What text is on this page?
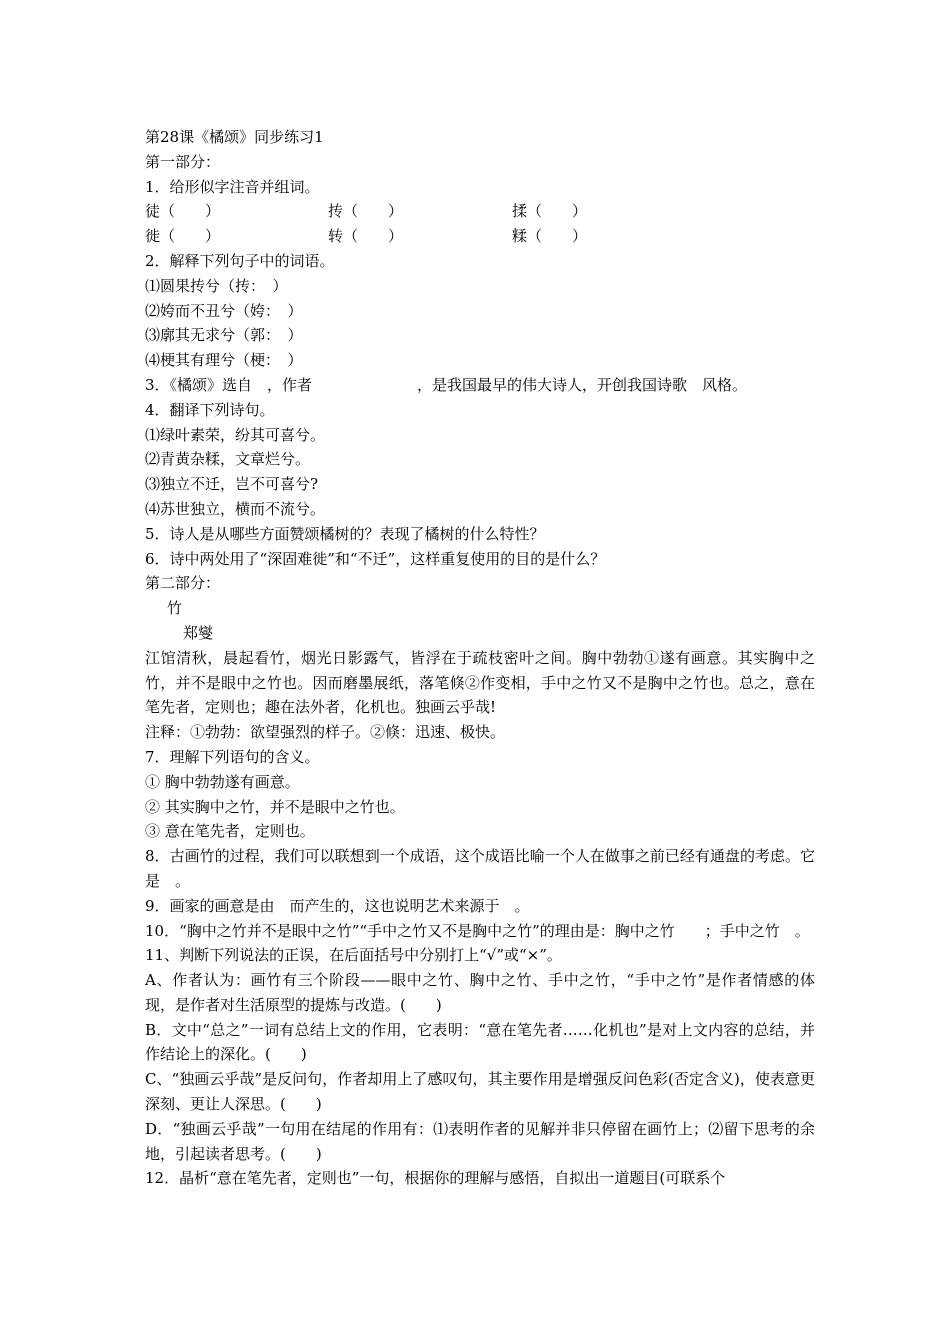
第28课《橘颂》同步练习1
第一部分：
1．给形似字注音并组词。
徒（　　）	抟（　　）	揉（　　）
徙（　　）	转（　　）	糅（　　）
2．解释下列句子中的词语。
⑴圆果抟兮（抟：　）
⑵姱而不丑兮（姱：　）
⑶廓其无求兮（郭：　）
⑷梗其有理兮（梗：　）
3．《橘颂》选自　，作者　　　　　　　，是我国最早的伟大诗人，开创我国诗歌　风格。
4．翻译下列诗句。
⑴绿叶素荣，纷其可喜兮。
⑵青黄杂糅，文章烂兮。
⑶独立不迁，岂不可喜兮?
⑷苏世独立，横而不流兮。
5．诗人是从哪些方面赞颂橘树的？表现了橘树的什么特性？
6．诗中两处用了“深固难徙”和“不迁”，这样重复使用的目的是什么？
第二部分：
竹
郑燮
江馆清秋，晨起看竹，烟光日影露气，皆浮在于疏枝密叶之间。胸中勃勃①遂有画意。其实胸中之竹，并不是眼中之竹也。因而磨墨展纸，落笔倏②作变相，手中之竹又不是胸中之竹也。总之，意在笔先者，定则也；趣在法外者，化机也。独画云乎哉!
注释：①勃勃：欲望强烈的样子。②倏：迅速、极快。
7．理解下列语句的含义。
① 胸中勃勃遂有画意。
② 其实胸中之竹，并不是眼中之竹也。
③ 意在笔先者，定则也。
8．古画竹的过程，我们可以联想到一个成语，这个成语比喻一个人在做事之前已经有通盘的考虑。它是　。
9．画家的画意是由　而产生的，这也说明艺术来源于　。
10．“胸中之竹并不是眼中之竹”“手中之竹又不是胸中之竹”的理由是：胸中之竹　　；手中之竹　。
11、判断下列说法的正误，在后面括号中分别打上“√”或“×”。
A、作者认为：画竹有三个阶段——眼中之竹、胸中之竹、手中之竹，“手中之竹”是作者情感的体现，是作者对生活原型的提炼与改造。(　　)
B．文中“总之”一词有总结上文的作用，它表明：“意在笔先者……化机也”是对上文内容的总结，并作结论上的深化。(　　)
C、“独画云乎哉”是反问句，作者却用上了感叹句，其主要作用是增强反问色彩(否定含义)，使表意更深刻、更让人深思。(　　)
D．“独画云乎哉”一句用在结尾的作用有：⑴表明作者的见解并非只停留在画竹上；⑵留下思考的余地，引起读者思考。(　　)
12．晶析“意在笔先者，定则也”一句，根据你的理解与感悟，自拟出一道题目(可联系个
